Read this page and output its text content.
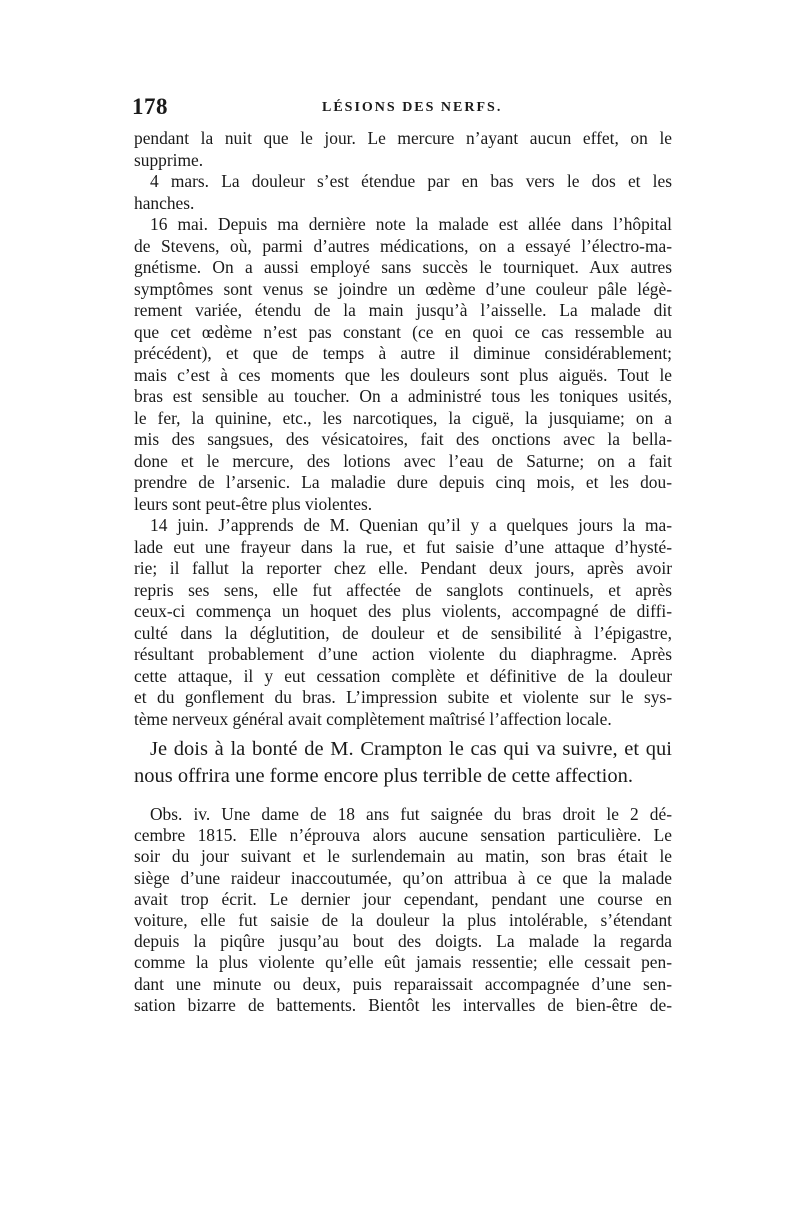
178	LÉSIONS DES NERFS.
pendant la nuit que le jour. Le mercure n’ayant aucun effet, on le
supprime.
4 mars. La douleur s’est étendue par en bas vers le dos et les
hanches.
16 mai. Depuis ma dernière note la malade est allée dans l’hôpital
de Stevens, où, parmi d’autres médications, on a essayé l’électro-ma-
gnétisme. On a aussi employé sans succès le tourniquet. Aux autres
symptômes sont venus se joindre un œdème d’une couleur pâle légè-
rement variée, étendu de la main jusqu’à l’aisselle. La malade dit
que cet œdème n’est pas constant (ce en quoi ce cas ressemble au
précédent), et que de temps à autre il diminue considérablement;
mais c’est à ces moments que les douleurs sont plus aiguës. Tout le
bras est sensible au toucher. On a administré tous les toniques usités,
le fer, la quinine, etc., les narcotiques, la ciguë, la jusquiame; on a
mis des sangsues, des vésicatoires, fait des onctions avec la bella-
done et le mercure, des lotions avec l’eau de Saturne; on a fait
prendre de l’arsenic. La maladie dure depuis cinq mois, et les dou-
leurs sont peut-être plus violentes.
14 juin. J’apprends de M. Quenian qu’il y a quelques jours la ma-
lade eut une frayeur dans la rue, et fut saisie d’une attaque d’hysté-
rie; il fallut la reporter chez elle. Pendant deux jours, après avoir
repris ses sens, elle fut affectée de sanglots continuels, et après
ceux-ci commença un hoquet des plus violents, accompagné de diffi-
culté dans la déglutition, de douleur et de sensibilité à l’épigastre,
résultant probablement d’une action violente du diaphragme. Après
cette attaque, il y eut cessation complète et définitive de la douleur
et du gonflement du bras. L’impression subite et violente sur le sys-
tème nerveux général avait complètement maîtrisé l’affection locale.
Je dois à la bonté de M. Crampton le cas qui va suivre, et qui
nous offrira une forme encore plus terrible de cette affection.
Obs. iv. Une dame de 18 ans fut saignée du bras droit le 2 dé-
cembre 1815. Elle n’éprouva alors aucune sensation particulière. Le
soir du jour suivant et le surlendemain au matin, son bras était le
siège d’une raideur inaccoutumée, qu’on attribua à ce que la malade
avait trop écrit. Le dernier jour cependant, pendant une course en
voiture, elle fut saisie de la douleur la plus intolérable, s’étendant
depuis la piqûre jusqu’au bout des doigts. La malade la regarda
comme la plus violente qu’elle eût jamais ressentie; elle cessait pen-
dant une minute ou deux, puis reparaissait accompagnée d’une sen-
sation bizarre de battements. Bientôt les intervalles de bien-être de-
